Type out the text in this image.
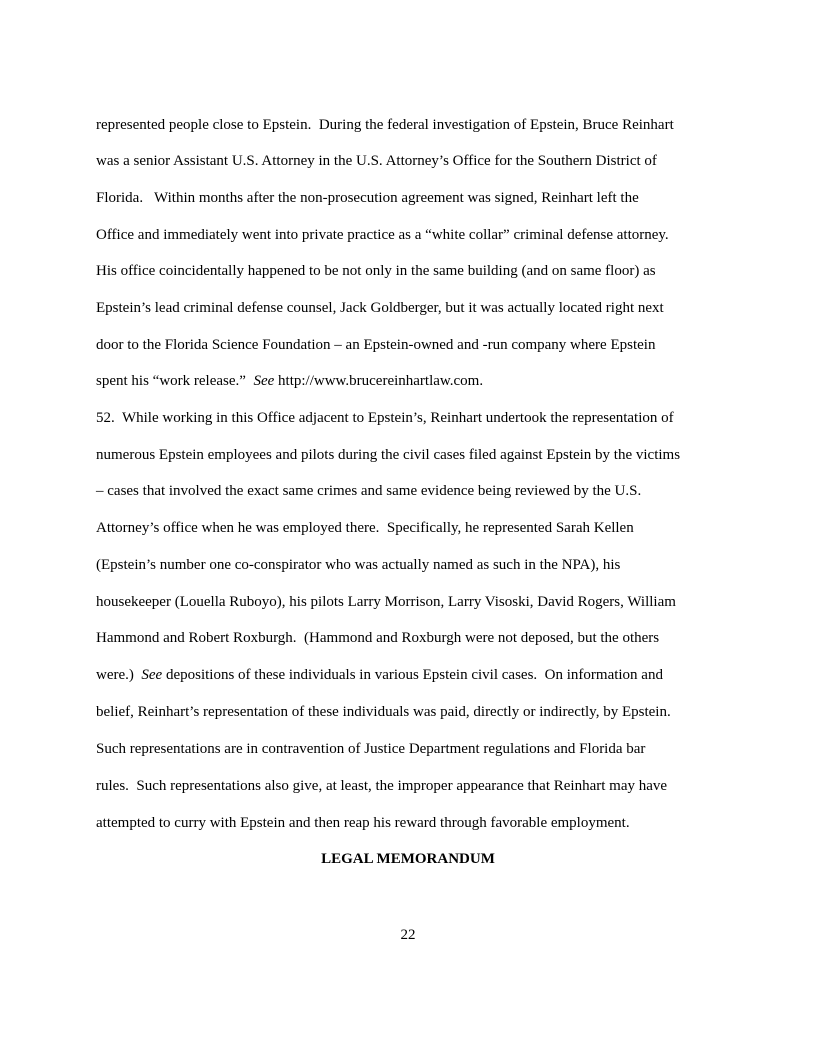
represented people close to Epstein.  During the federal investigation of Epstein, Bruce Reinhart
was a senior Assistant U.S. Attorney in the U.S. Attorney’s Office for the Southern District of
Florida.   Within months after the non-prosecution agreement was signed, Reinhart left the
Office and immediately went into private practice as a “white collar” criminal defense attorney.
His office coincidentally happened to be not only in the same building (and on same floor) as
Epstein’s lead criminal defense counsel, Jack Goldberger, but it was actually located right next
door to the Florida Science Foundation – an Epstein-owned and -run company where Epstein
spent his “work release.”  See http://www.brucereinhartlaw.com.
52.  While working in this Office adjacent to Epstein’s, Reinhart undertook the representation of
numerous Epstein employees and pilots during the civil cases filed against Epstein by the victims
– cases that involved the exact same crimes and same evidence being reviewed by the U.S.
Attorney’s office when he was employed there.  Specifically, he represented Sarah Kellen
(Epstein’s number one co-conspirator who was actually named as such in the NPA), his
housekeeper (Louella Ruboyo), his pilots Larry Morrison, Larry Visoski, David Rogers, William
Hammond and Robert Roxburgh.  (Hammond and Roxburgh were not deposed, but the others
were.)  See depositions of these individuals in various Epstein civil cases.  On information and
belief, Reinhart’s representation of these individuals was paid, directly or indirectly, by Epstein.
Such representations are in contravention of Justice Department regulations and Florida bar
rules.  Such representations also give, at least, the improper appearance that Reinhart may have
attempted to curry with Epstein and then reap his reward through favorable employment.
LEGAL MEMORANDUM
22
